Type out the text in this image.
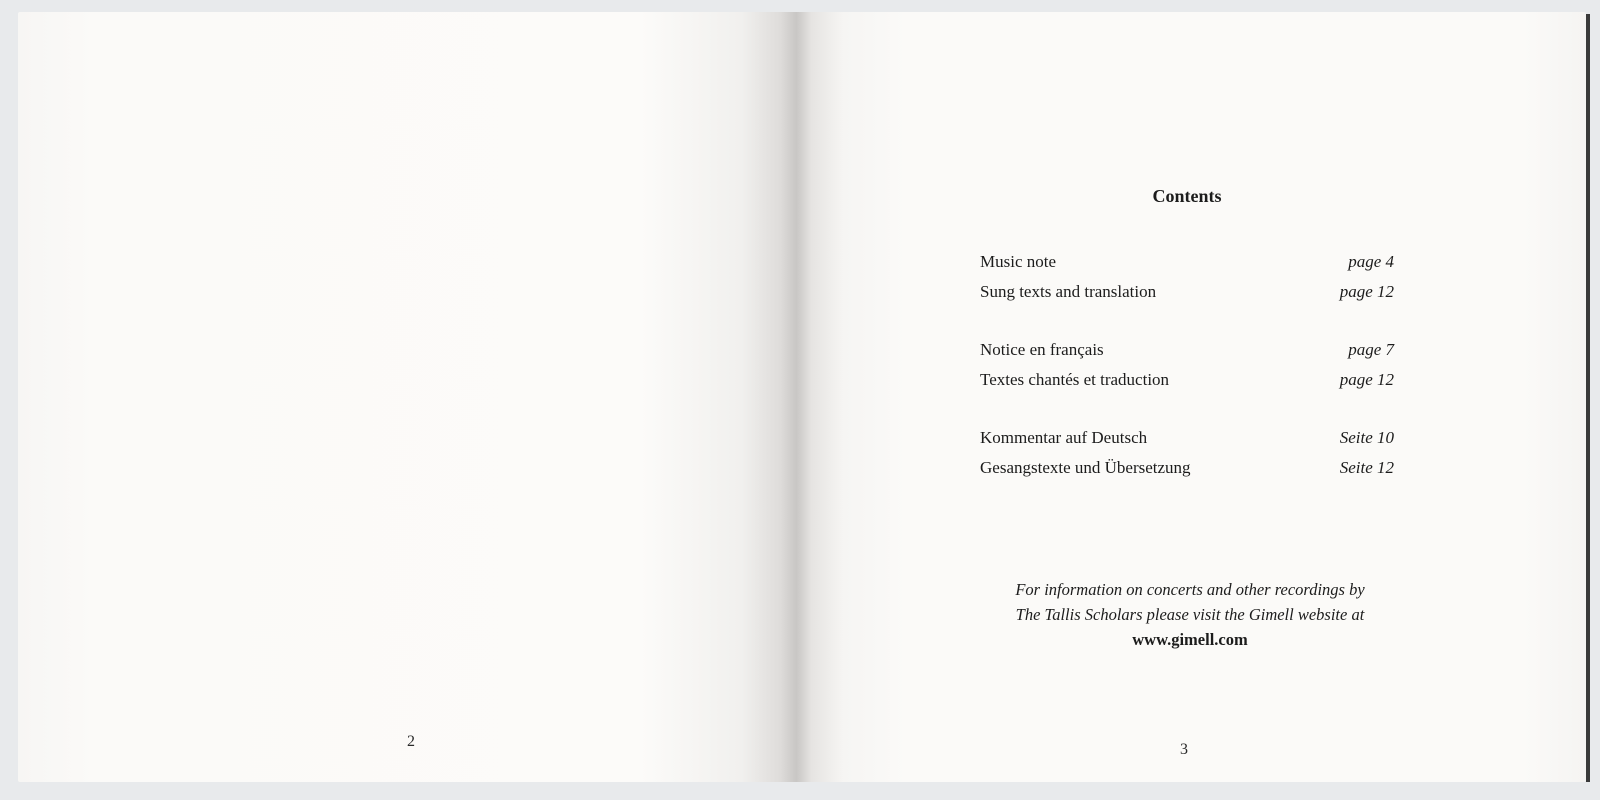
2
Contents
Music note	page 4
Sung texts and translation	page 12
Notice en français	page 7
Textes chantés et traduction	page 12
Kommentar auf Deutsch	Seite 10
Gesangstexte und Übersetzung	Seite 12
For information on concerts and other recordings by
The Tallis Scholars please visit the Gimell website at
www.gimell.com
3
